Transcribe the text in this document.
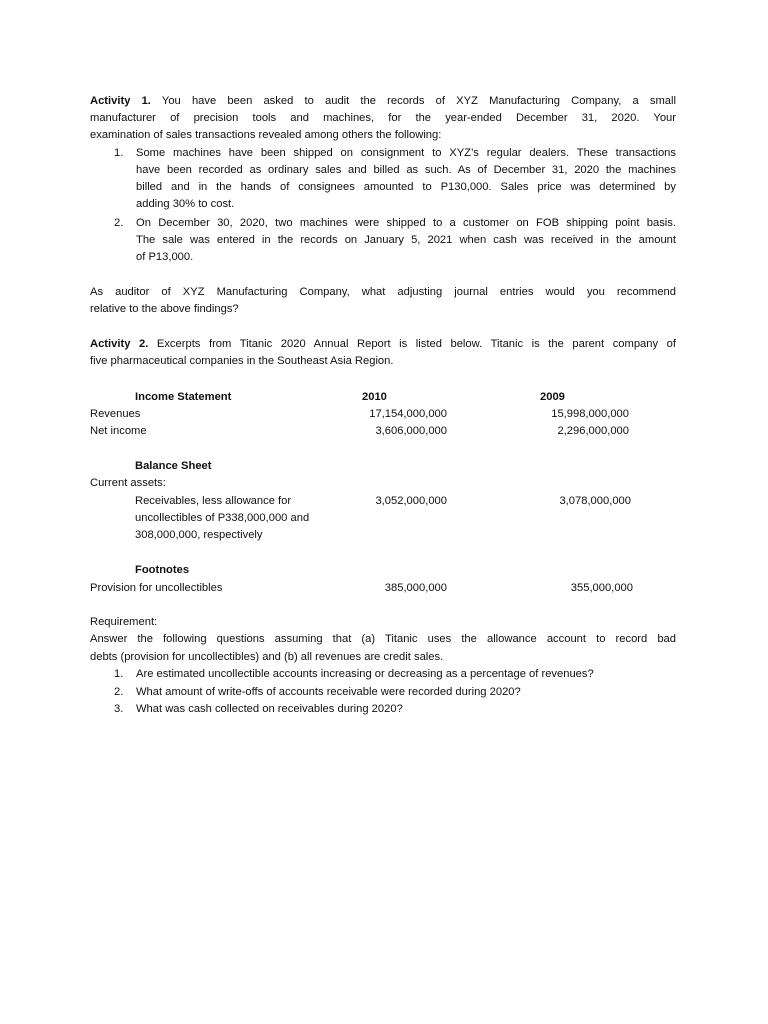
Activity 1. You have been asked to audit the records of XYZ Manufacturing Company, a small
manufacturer of precision tools and machines, for the year-ended December 31, 2020. Your
examination of sales transactions revealed among others the following:
1. Some machines have been shipped on consignment to XYZ’s regular dealers. These transactions
have been recorded as ordinary sales and billed as such. As of December 31, 2020 the machines
billed and in the hands of consignees amounted to P130,000. Sales price was determined by
adding 30% to cost.
2. On December 30, 2020, two machines were shipped to a customer on FOB shipping point basis.
The sale was entered in the records on January 5, 2021 when cash was received in the amount
of P13,000.
As auditor of XYZ Manufacturing Company, what adjusting journal entries would you recommend
relative to the above findings?
Activity 2. Excerpts from Titanic 2020 Annual Report is listed below. Titanic is the parent company of
five pharmaceutical companies in the Southeast Asia Region.
Income Statement	2010	2009
Revenues	17,154,000,000	15,998,000,000
Net income	3,606,000,000	2,296,000,000
Balance Sheet
Current assets:
Receivables, less allowance for
uncollectibles of P338,000,000 and
308,000,000, respectively
3,052,000,000	3,078,000,000
Footnotes
Provision for uncollectibles	385,000,000	355,000,000
Requirement:
Answer the following questions assuming that (a) Titanic uses the allowance account to record bad
debts (provision for uncollectibles) and (b) all revenues are credit sales.
1. Are estimated uncollectible accounts increasing or decreasing as a percentage of revenues?
2. What amount of write-offs of accounts receivable were recorded during 2020?
3. What was cash collected on receivables during 2020?
